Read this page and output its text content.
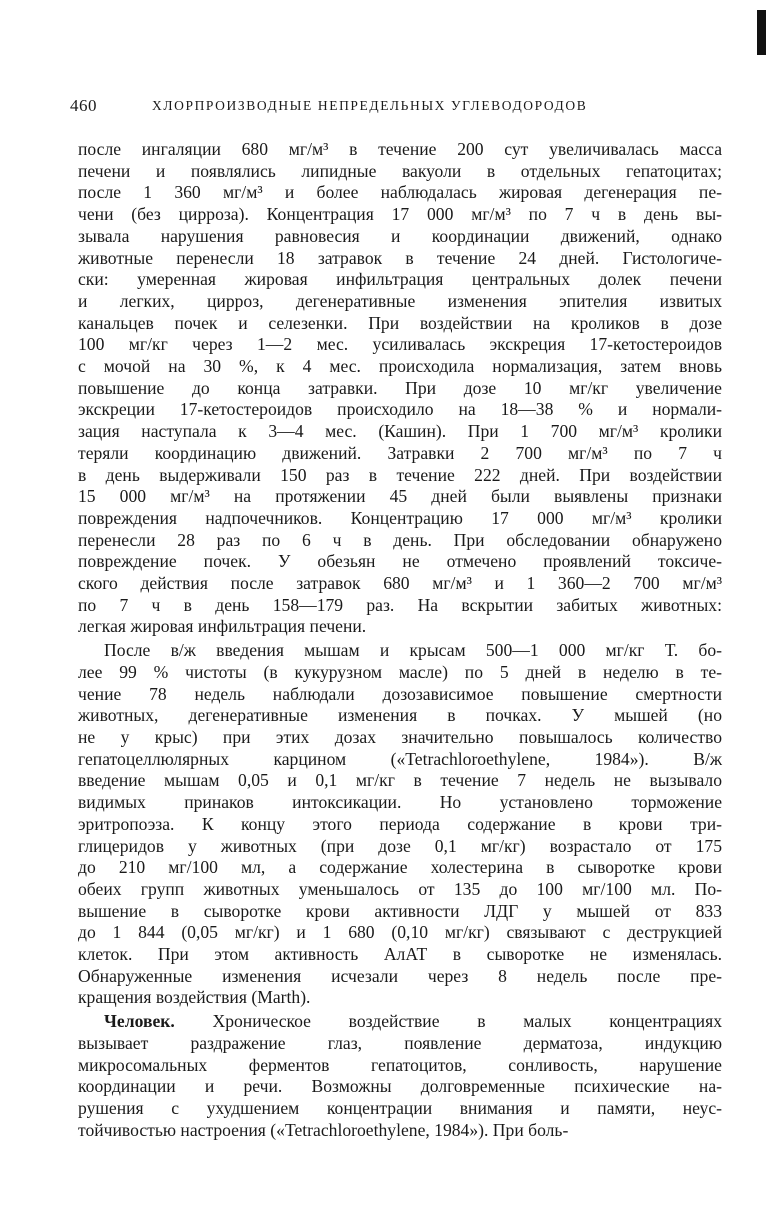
460	ХЛОРПРОИЗВОДНЫЕ НЕПРЕДЕЛЬНЫХ УГЛЕВОДОРОДОВ

после ингаляции 680 мг/м³ в течение 200 сут увеличивалась масса
печени и появлялись липидные вакуоли в отдельных гепатоцитах;
после 1 360 мг/м³ и более наблюдалась жировая дегенерация пе-
чени (без цирроза). Концентрация 17 000 мг/м³ по 7 ч в день вы-
зывала нарушения равновесия и координации движений, однако
животные перенесли 18 затравок в течение 24 дней. Гистологиче-
ски: умеренная жировая инфильтрация центральных долек печени
и легких, цирроз, дегенеративные изменения эпителия извитых
канальцев почек и селезенки. При воздействии на кроликов в дозе
100 мг/кг через 1—2 мес. усиливалась экскреция 17-кетостероидов
с мочой на 30 %, к 4 мес. происходила нормализация, затем вновь
повышение до конца затравки. При дозе 10 мг/кг увеличение
экскреции 17-кетостероидов происходило на 18—38 % и нормали-
зация наступала к 3—4 мес. (Кашин). При 1 700 мг/м³ кролики
теряли координацию движений. Затравки 2 700 мг/м³ по 7 ч
в день выдерживали 150 раз в течение 222 дней. При воздействии
15 000 мг/м³ на протяжении 45 дней были выявлены признаки
повреждения надпочечников. Концентрацию 17 000 мг/м³ кролики
перенесли 28 раз по 6 ч в день. При обследовании обнаружено
повреждение почек. У обезьян не отмечено проявлений токсиче-
ского действия после затравок 680 мг/м³ и 1 360—2 700 мг/м³
по 7 ч в день 158—179 раз. На вскрытии забитых животных:
легкая жировая инфильтрация печени.

После в/ж введения мышам и крысам 500—1 000 мг/кг Т. бо-
лее 99 % чистоты (в кукурузном масле) по 5 дней в неделю в те-
чение 78 недель наблюдали дозозависимое повышение смертности
животных, дегенеративные изменения в почках. У мышей (но
не у крыс) при этих дозах значительно повышалось количество
гепатоцеллюлярных карцином («Tetrachloroethylene, 1984»). В/ж
введение мышам 0,05 и 0,1 мг/кг в течение 7 недель не вызывало
видимых принаков интоксикации. Но установлено торможение
эритропоэза. К концу этого периода содержание в крови три-
глицеридов у животных (при дозе 0,1 мг/кг) возрастало от 175
до 210 мг/100 мл, а содержание холестерина в сыворотке крови
обеих групп животных уменьшалось от 135 до 100 мг/100 мл. По-
вышение в сыворотке крови активности ЛДГ у мышей от 833
до 1 844 (0,05 мг/кг) и 1 680 (0,10 мг/кг) связывают с деструкцией
клеток. При этом активность АлАТ в сыворотке не изменялась.
Обнаруженные изменения исчезали через 8 недель после пре-
кращения воздействия (Marth).

Человек. Хроническое воздействие в малых концентрациях
вызывает раздражение глаз, появление дерматоза, индукцию
микросомальных ферментов гепатоцитов, сонливость, нарушение
координации и речи. Возможны долговременные психические на-
рушения с ухудшением концентрации внимания и памяти, неус-
тойчивостью настроения («Tetrachloroethylene, 1984»). При боль-
